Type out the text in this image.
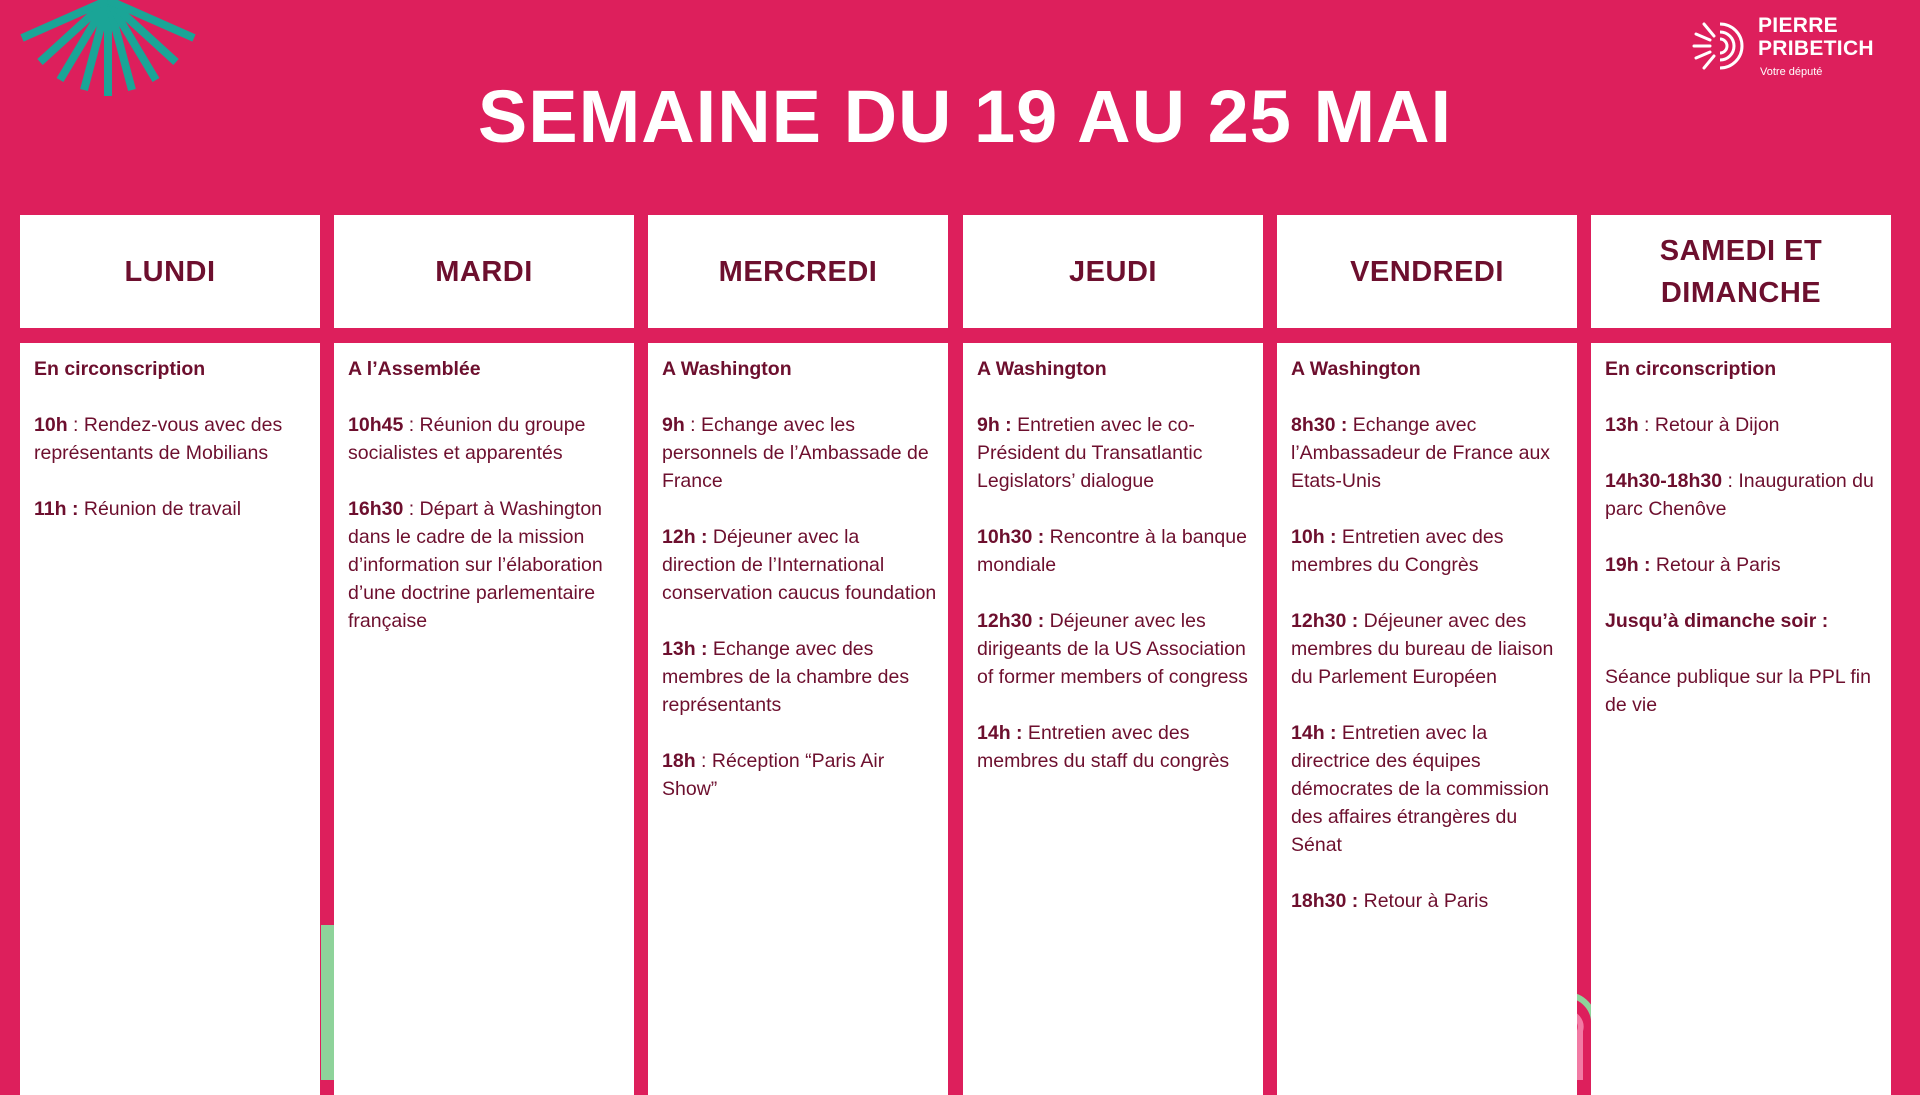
PIERRE
PRIBETICH
Votre député
SEMAINE DU 19 AU 25 MAI
LUNDI
En circonscription
10h : Rendez-vous avec des représentants de Mobilians
11h : Réunion de travail
MARDI
A l’Assemblée
10h45 : Réunion du groupe socialistes et apparentés
16h30 : Départ à Washington dans le cadre de la mission d’information sur l’élaboration d’une doctrine parlementaire française
MERCREDI
A Washington
9h : Echange avec les personnels de l’Ambassade de France
12h : Déjeuner avec la direction de l’International conservation caucus foundation
13h : Echange avec des membres de la chambre des représentants
18h : Réception “Paris Air Show”
JEUDI
A Washington
9h : Entretien avec le co-Président du Transatlantic Legislators’ dialogue
10h30 : Rencontre à la banque mondiale
12h30 : Déjeuner avec les dirigeants de la US Association of former members of congress
14h : Entretien avec des membres du staff du congrès
VENDREDI
A Washington
8h30 : Echange avec l’Ambassadeur de France aux Etats-Unis
10h : Entretien avec des membres du Congrès
12h30 : Déjeuner avec des membres du bureau de liaison du Parlement Européen
14h : Entretien avec la directrice des équipes démocrates de la commission des affaires étrangères du Sénat
18h30 : Retour à Paris
SAMEDI ET DIMANCHE
En circonscription
13h : Retour à Dijon
14h30-18h30 : Inauguration du parc Chenôve
19h : Retour à Paris
Jusqu’à dimanche soir :
Séance publique sur la PPL fin de vie
